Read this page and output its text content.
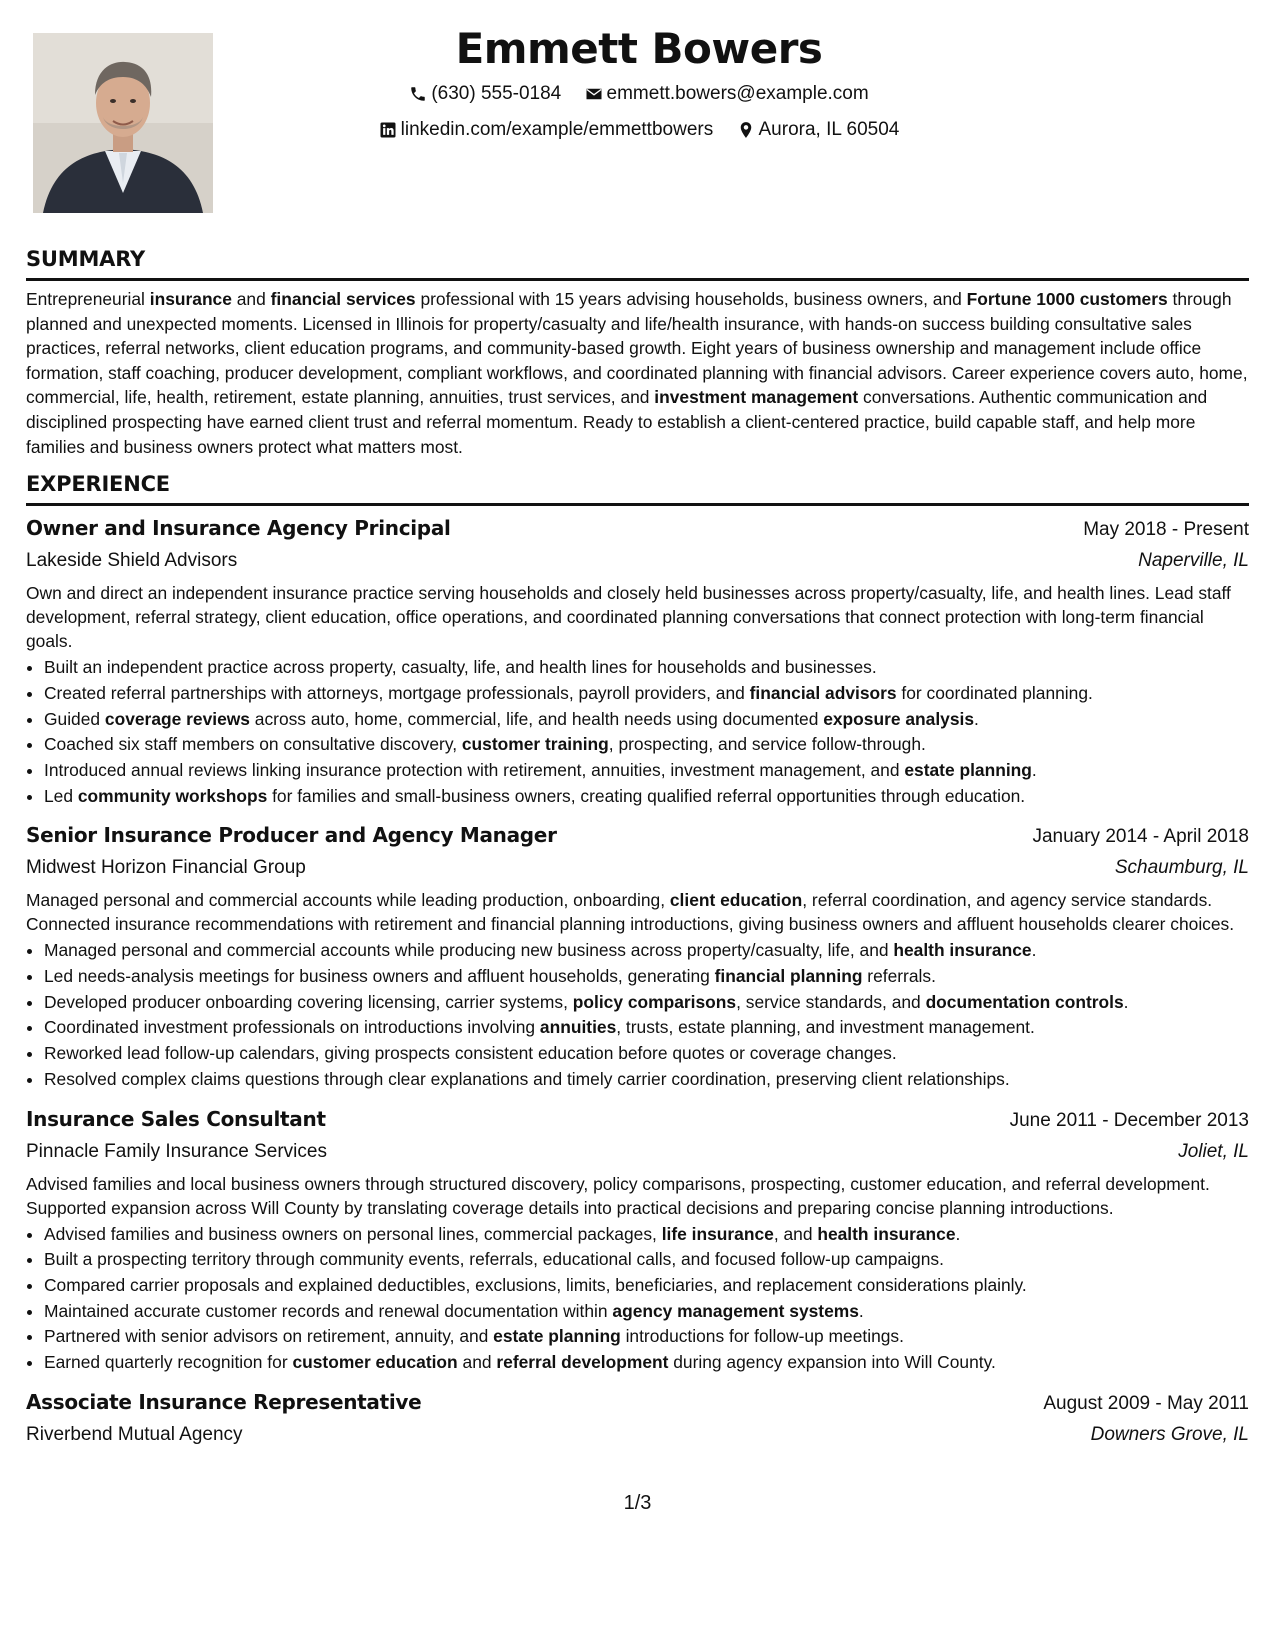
Emmett Bowers
(630) 555-0184
emmett.bowers@example.com
linkedin.com/example/emmettbowers
Aurora, IL 60504
SUMMARY

Entrepreneurial insurance and financial services professional with 15 years advising households, business owners, and Fortune 1000 customers through planned and unexpected moments. Licensed in Illinois for property/casualty and life/health insurance, with hands-on success building consultative sales practices, referral networks, client education programs, and community-based growth. Eight years of business ownership and management include office formation, staff coaching, producer development, compliant workflows, and coordinated planning with financial advisors. Career experience covers auto, home, commercial, life, health, retirement, estate planning, annuities, trust services, and investment management conversations. Authentic communication and disciplined prospecting have earned client trust and referral momentum. Ready to establish a client-centered practice, build capable staff, and help more families and business owners protect what matters most.

EXPERIENCE
Owner and Insurance Agency Principal	May 2018 - Present
Lakeside Shield Advisors	Naperville, IL

Own and direct an independent insurance practice serving households and closely held businesses across property/casualty, life, and health lines. Lead staff development, referral strategy, client education, office operations, and coordinated planning conversations that connect protection with long-term financial goals.

• Built an independent practice across property, casualty, life, and health lines for households and businesses.
• Created referral partnerships with attorneys, mortgage professionals, payroll providers, and financial advisors for coordinated planning.
• Guided coverage reviews across auto, home, commercial, life, and health needs using documented exposure analysis.
• Coached six staff members on consultative discovery, customer training, prospecting, and service follow-through.
• Introduced annual reviews linking insurance protection with retirement, annuities, investment management, and estate planning.
• Led community workshops for families and small-business owners, creating qualified referral opportunities through education.
Senior Insurance Producer and Agency Manager	January 2014 - April 2018
Midwest Horizon Financial Group	Schaumburg, IL

Managed personal and commercial accounts while leading production, onboarding, client education, referral coordination, and agency service standards. Connected insurance recommendations with retirement and financial planning introductions, giving business owners and affluent households clearer choices.

• Managed personal and commercial accounts while producing new business across property/casualty, life, and health insurance.
• Led needs-analysis meetings for business owners and affluent households, generating financial planning referrals.
• Developed producer onboarding covering licensing, carrier systems, policy comparisons, service standards, and documentation controls.
• Coordinated investment professionals on introductions involving annuities, trusts, estate planning, and investment management.
• Reworked lead follow-up calendars, giving prospects consistent education before quotes or coverage changes.
• Resolved complex claims questions through clear explanations and timely carrier coordination, preserving client relationships.
Insurance Sales Consultant	June 2011 - December 2013
Pinnacle Family Insurance Services	Joliet, IL

Advised families and local business owners through structured discovery, policy comparisons, prospecting, customer education, and referral development. Supported expansion across Will County by translating coverage details into practical decisions and preparing concise planning introductions.

• Advised families and business owners on personal lines, commercial packages, life insurance, and health insurance.
• Built a prospecting territory through community events, referrals, educational calls, and focused follow-up campaigns.
• Compared carrier proposals and explained deductibles, exclusions, limits, beneficiaries, and replacement considerations plainly.
• Maintained accurate customer records and renewal documentation within agency management systems.
• Partnered with senior advisors on retirement, annuity, and estate planning introductions for follow-up meetings.
• Earned quarterly recognition for customer education and referral development during agency expansion into Will County.
Associate Insurance Representative	August 2009 - May 2011
Riverbend Mutual Agency	Downers Grove, IL
1/3
